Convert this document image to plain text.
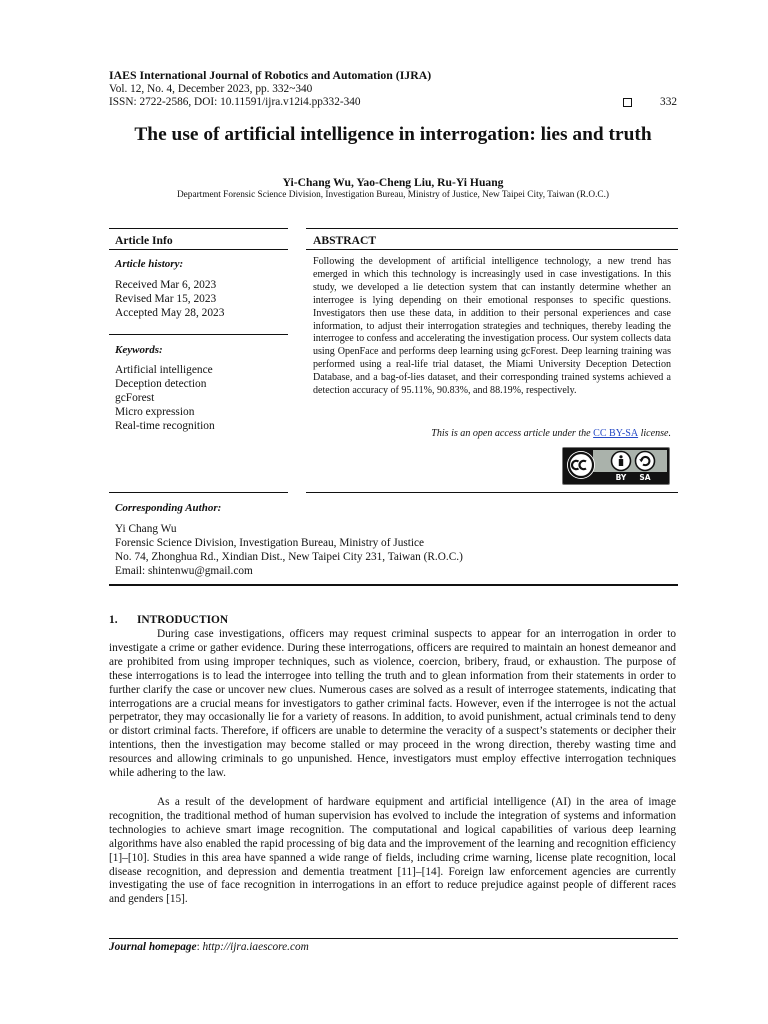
IAES International Journal of Robotics and Automation (IJRA)
Vol. 12, No. 4, December 2023, pp. 332~340
ISSN: 2722-2586, DOI: 10.11591/ijra.v12i4.pp332-340	332
The use of artificial intelligence in interrogation: lies and truth
Yi-Chang Wu, Yao-Cheng Liu, Ru-Yi Huang
Department Forensic Science Division, Investigation Bureau, Ministry of Justice, New Taipei City, Taiwan (R.O.C.)
Article Info	ABSTRACT
Article history:
Received Mar 6, 2023
Revised Mar 15, 2023
Accepted May 28, 2023
Keywords:
Artificial intelligence
Deception detection
gcForest
Micro expression
Real-time recognition
Following the development of artificial intelligence technology, a new trend has emerged in which this technology is increasingly used in case investigations. In this study, we developed a lie detection system that can instantly determine whether an interrogee is lying depending on their emotional responses to specific questions. Investigators then use these data, in addition to their personal experiences and case information, to adjust their interrogation strategies and techniques, thereby leading the interrogee to confess and accelerating the investigation process. Our system collects data using OpenFace and performs deep learning using gcForest. Deep learning training was performed using a real-life trial dataset, the Miami University Deception Detection Database, and a bag-of-lies dataset, and their corresponding trained systems achieved a detection accuracy of 95.11%, 90.83%, and 88.19%, respectively.
This is an open access article under the CC BY-SA license.
BY SA
Corresponding Author:
Yi Chang Wu
Forensic Science Division, Investigation Bureau, Ministry of Justice
No. 74, Zhonghua Rd., Xindian Dist., New Taipei City 231, Taiwan (R.O.C.)
Email: shintenwu@gmail.com
1. INTRODUCTION
During case investigations, officers may request criminal suspects to appear for an interrogation in order to investigate a crime or gather evidence. During these interrogations, officers are required to maintain an honest demeanor and are prohibited from using improper techniques, such as violence, coercion, bribery, fraud, or exhaustion. The purpose of these interrogations is to lead the interrogee into telling the truth and to glean information from their statements in order to further clarify the case or uncover new clues. Numerous cases are solved as a result of interrogee statements, indicating that interrogations are a crucial means for investigators to gather criminal facts. However, even if the interrogee is not the actual perpetrator, they may occasionally lie for a variety of reasons. In addition, to avoid punishment, actual criminals tend to deny or distort criminal facts. Therefore, if officers are unable to determine the veracity of a suspect’s statements or decipher their intentions, then the investigation may become stalled or may proceed in the wrong direction, thereby wasting time and resources and allowing criminals to go unpunished. Hence, investigators must employ effective interrogation techniques while adhering to the law.
As a result of the development of hardware equipment and artificial intelligence (AI) in the area of image recognition, the traditional method of human supervision has evolved to include the integration of systems and information technologies to achieve smart image recognition. The computational and logical capabilities of various deep learning algorithms have also enabled the rapid processing of big data and the improvement of the learning and recognition efficiency [1]–[10]. Studies in this area have spanned a wide range of fields, including crime warning, license plate recognition, local disease recognition, and depression and dementia treatment [11]–[14]. Foreign law enforcement agencies are currently investigating the use of face recognition in interrogations in an effort to reduce prejudice against people of different races and genders [15].
Journal homepage: http://ijra.iaescore.com
